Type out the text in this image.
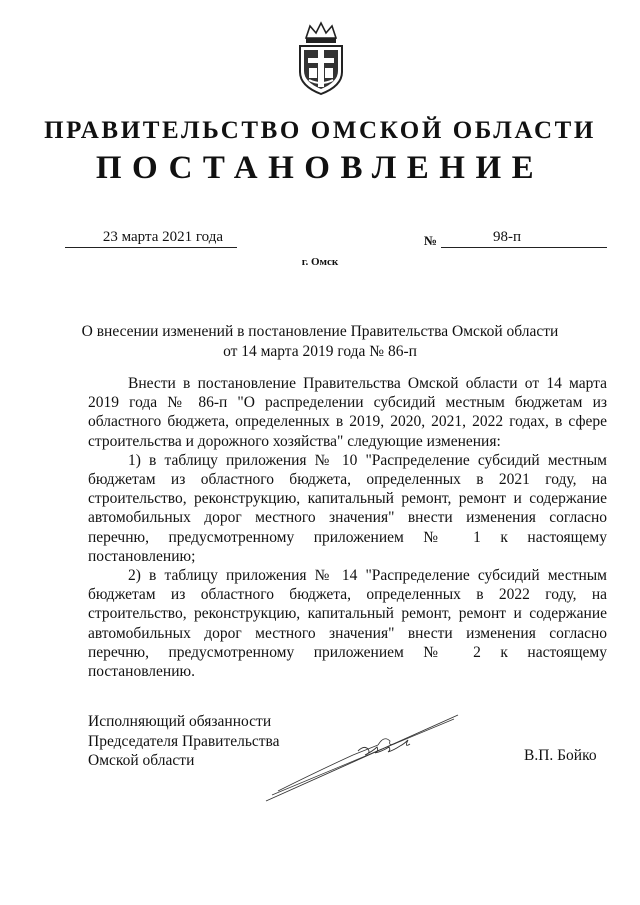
ПРАВИТЕЛЬСТВО ОМСКОЙ ОБЛАСТИ
ПОСТАНОВЛЕНИЕ
23 марта 2021 года	№	98-п
г. Омск
О внесении изменений в постановление Правительства Омской области
от 14 марта 2019 года № 86-п

Внести в постановление Правительства Омской области от 14 марта 2019 года № 86-п "О распределении субсидий местным бюджетам из областного бюджета, определенных в 2019, 2020, 2021, 2022 годах, в сфере строительства и дорожного хозяйства" следующие изменения:

1) в таблицу приложения № 10 "Распределение субсидий местным бюджетам из областного бюджета, определенных в 2021 году, на строительство, реконструкцию, капитальный ремонт, ремонт и содержание автомобильных дорог местного значения" внести изменения согласно перечню, предусмотренному приложением № 1 к настоящему постановлению;

2) в таблицу приложения № 14 "Распределение субсидий местным бюджетам из областного бюджета, определенных в 2022 году, на строительство, реконструкцию, капитальный ремонт, ремонт и содержание автомобильных дорог местного значения" внести изменения согласно перечню, предусмотренному приложением № 2 к настоящему постановлению.

Исполняющий обязанности
Председателя Правительства
Омской области	В.П. Бойко
